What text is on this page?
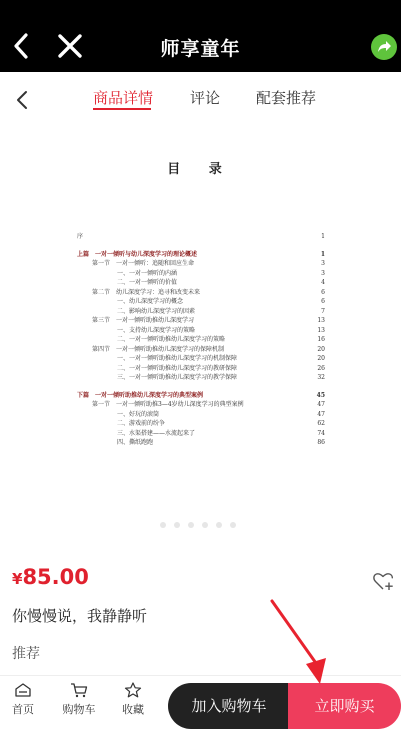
师享童年
商品详情 评论 配套推荐
目 录
序	1
上篇　一对一倾听与幼儿深度学习的理论概述	1
第一节　一对一倾听：追随和回应生命	3
一、一对一倾听的内涵	3
二、一对一倾听的价值	4
第二节　幼儿深度学习：追寻和改变未来	6
一、幼儿深度学习的概念	6
二、影响幼儿深度学习的因素	7
第三节　一对一倾听助推幼儿深度学习	13
一、支持幼儿深度学习的策略	13
二、一对一倾听助推幼儿深度学习的策略	16
第四节　一对一倾听助推幼儿深度学习的保障机制	20
一、一对一倾听助推幼儿深度学习的机制保障	20
二、一对一倾听助推幼儿深度学习的教研保障	26
三、一对一倾听助推幼儿深度学习的教学保障	32
下篇　一对一倾听助推幼儿深度学习的典型案例	45
第一节　一对一倾听助推3—4岁幼儿深度学习的典型案例	47
一、好玩的滚筒	47
二、游戏前的纷争	62
三、水渠搭建——水流起来了	74
四、撕纸跑跑	86
¥85.00
你慢慢说，我静静听
推荐
首页	购物车	收藏	加入购物车	立即购买
